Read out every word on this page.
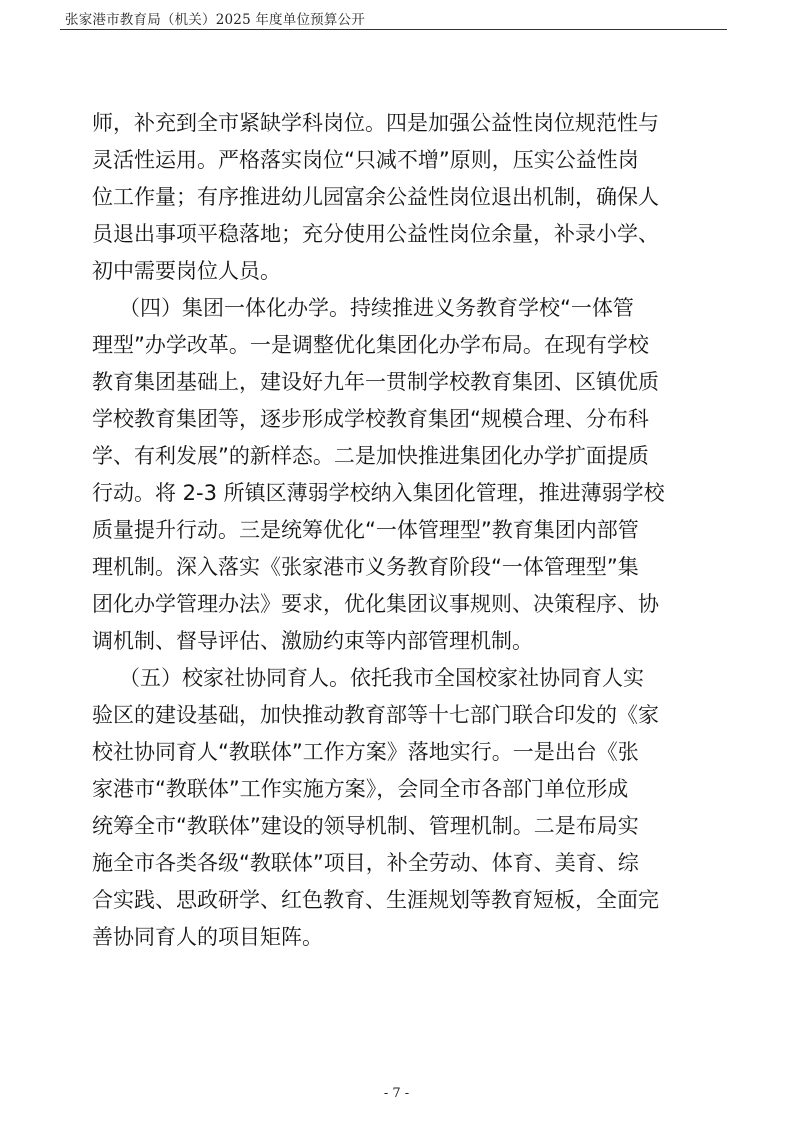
张家港市教育局（机关）2025 年度单位预算公开
师，补充到全市紧缺学科岗位。四是加强公益性岗位规范性与
灵活性运用。严格落实岗位“只减不增”原则，压实公益性岗
位工作量；有序推进幼儿园富余公益性岗位退出机制，确保人
员退出事项平稳落地；充分使用公益性岗位余量，补录小学、
初中需要岗位人员。
（四）集团一体化办学。持续推进义务教育学校“一体管
理型”办学改革。一是调整优化集团化办学布局。在现有学校
教育集团基础上，建设好九年一贯制学校教育集团、区镇优质
学校教育集团等，逐步形成学校教育集团“规模合理、分布科
学、有利发展”的新样态。二是加快推进集团化办学扩面提质
行动。将 2-3 所镇区薄弱学校纳入集团化管理，推进薄弱学校
质量提升行动。三是统筹优化“一体管理型”教育集团内部管
理机制。深入落实《张家港市义务教育阶段“一体管理型”集
团化办学管理办法》要求，优化集团议事规则、决策程序、协
调机制、督导评估、激励约束等内部管理机制。
（五）校家社协同育人。依托我市全国校家社协同育人实
验区的建设基础，加快推动教育部等十七部门联合印发的《家
校社协同育人“教联体”工作方案》落地实行。一是出台《张
家港市“教联体”工作实施方案》，会同全市各部门单位形成
统筹全市“教联体”建设的领导机制、管理机制。二是布局实
施全市各类各级“教联体”项目，补全劳动、体育、美育、综
合实践、思政研学、红色教育、生涯规划等教育短板，全面完
善协同育人的项目矩阵。
- 7 -
